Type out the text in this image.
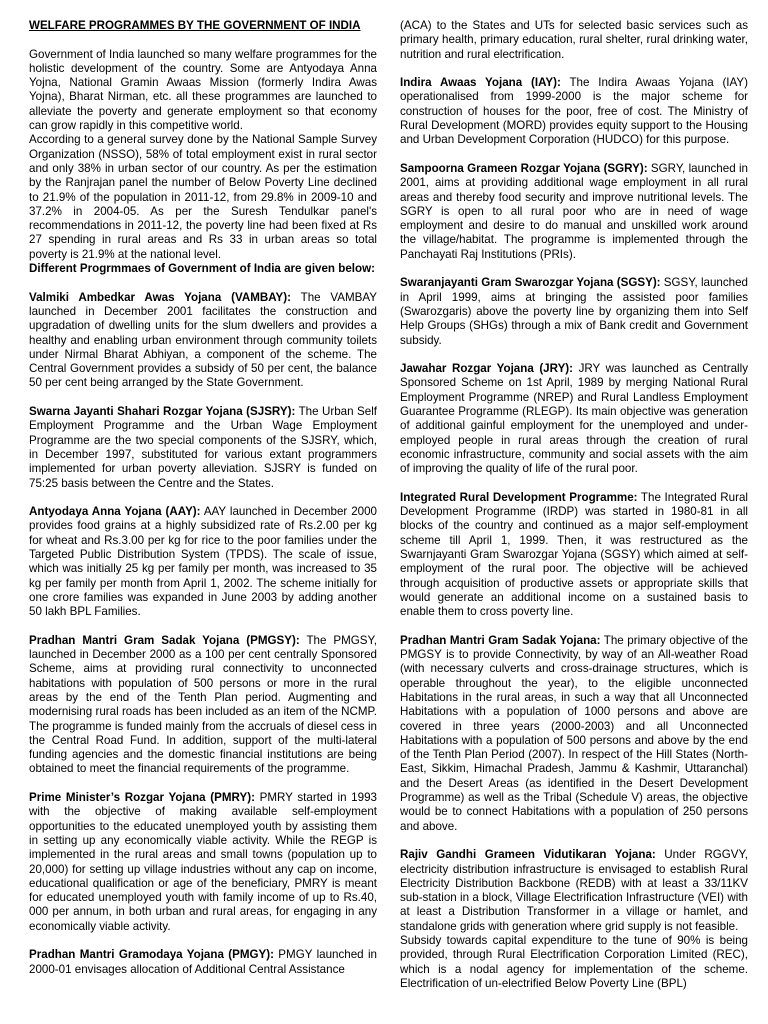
WELFARE PROGRAMMES BY THE GOVERNMENT OF INDIA

Government of India launched so many welfare programmes for the holistic development of the country. Some are Antyodaya Anna Yojna, National Gramin Awaas Mission (formerly Indira Awas Yojna), Bharat Nirman, etc. all these programmes are launched to alleviate the poverty and generate employment so that economy can grow rapidly in this competitive world.

According to a general survey done by the National Sample Survey Organization (NSSO), 58% of total employment exist in rural sector and only 38% in urban sector of our country. As per the estimation by the Ranjrajan panel the number of Below Poverty Line declined to 21.9% of the population in 2011-12, from 29.8% in 2009-10 and 37.2% in 2004-05. As per the Suresh Tendulkar panel's recommendations in 2011-12, the poverty line had been fixed at Rs 27 spending in rural areas and Rs 33 in urban areas so total poverty is 21.9% at the national level.

Different Progrmmaes of Government of India are given below:

Valmiki Ambedkar Awas Yojana (VAMBAY): The VAMBAY launched in December 2001 facilitates the construction and upgradation of dwelling units for the slum dwellers and provides a healthy and enabling urban environment through community toilets under Nirmal Bharat Abhiyan, a component of the scheme. The Central Government provides a subsidy of 50 per cent, the balance 50 per cent being arranged by the State Government.

Swarna Jayanti Shahari Rozgar Yojana (SJSRY): The Urban Self Employment Programme and the Urban Wage Employment Programme are the two special components of the SJSRY, which, in December 1997, substituted for various extant programmers implemented for urban poverty alleviation. SJSRY is funded on 75:25 basis between the Centre and the States.

Antyodaya Anna Yojana (AAY): AAY launched in December 2000 provides food grains at a highly subsidized rate of Rs.2.00 per kg for wheat and Rs.3.00 per kg for rice to the poor families under the Targeted Public Distribution System (TPDS). The scale of issue, which was initially 25 kg per family per month, was increased to 35 kg per family per month from April 1, 2002. The scheme initially for one crore families was expanded in June 2003 by adding another 50 lakh BPL Families.

Pradhan Mantri Gram Sadak Yojana (PMGSY): The PMGSY, launched in December 2000 as a 100 per cent centrally Sponsored Scheme, aims at providing rural connectivity to unconnected habitations with population of 500 persons or more in the rural areas by the end of the Tenth Plan period. Augmenting and modernising rural roads has been included as an item of the NCMP. The programme is funded mainly from the accruals of diesel cess in the Central Road Fund. In addition, support of the multi-lateral funding agencies and the domestic financial institutions are being obtained to meet the financial requirements of the programme.

Prime Minister’s Rozgar Yojana (PMRY): PMRY started in 1993 with the objective of making available self-employment opportunities to the educated unemployed youth by assisting them in setting up any economically viable activity. While the REGP is implemented in the rural areas and small towns (population up to 20,000) for setting up village industries without any cap on income, educational qualification or age of the beneficiary, PMRY is meant for educated unemployed youth with family income of up to Rs.40, 000 per annum, in both urban and rural areas, for engaging in any economically viable activity.

Pradhan Mantri Gramodaya Yojana (PMGY): PMGY launched in 2000-01 envisages allocation of Additional Central Assistance

(ACA) to the States and UTs for selected basic services such as primary health, primary education, rural shelter, rural drinking water, nutrition and rural electrification.

Indira Awaas Yojana (IAY): The Indira Awaas Yojana (IAY) operationalised from 1999-2000 is the major scheme for construction of houses for the poor, free of cost. The Ministry of Rural Development (MORD) provides equity support to the Housing and Urban Development Corporation (HUDCO) for this purpose.

Sampoorna Grameen Rozgar Yojana (SGRY): SGRY, launched in 2001, aims at providing additional wage employment in all rural areas and thereby food security and improve nutritional levels. The SGRY is open to all rural poor who are in need of wage employment and desire to do manual and unskilled work around the village/habitat. The programme is implemented through the Panchayati Raj Institutions (PRIs).

Swaranjayanti Gram Swarozgar Yojana (SGSY): SGSY, launched in April 1999, aims at bringing the assisted poor families (Swarozgaris) above the poverty line by organizing them into Self Help Groups (SHGs) through a mix of Bank credit and Government subsidy.

Jawahar Rozgar Yojana (JRY): JRY was launched as Centrally Sponsored Scheme on 1st April, 1989 by merging National Rural Employment Programme (NREP) and Rural Landless Employment Guarantee Programme (RLEGP). Its main objective was generation of additional gainful employment for the unemployed and under-employed people in rural areas through the creation of rural economic infrastructure, community and social assets with the aim of improving the quality of life of the rural poor.

Integrated Rural Development Programme: The Integrated Rural Development Programme (IRDP) was started in 1980-81 in all blocks of the country and continued as a major self-employment scheme till April 1, 1999. Then, it was restructured as the Swarnjayanti Gram Swarozgar Yojana (SGSY) which aimed at self-employment of the rural poor. The objective will be achieved through acquisition of productive assets or appropriate skills that would generate an additional income on a sustained basis to enable them to cross poverty line.

Pradhan Mantri Gram Sadak Yojana: The primary objective of the PMGSY is to provide Connectivity, by way of an All-weather Road (with necessary culverts and cross-drainage structures, which is operable throughout the year), to the eligible unconnected Habitations in the rural areas, in such a way that all Unconnected Habitations with a population of 1000 persons and above are covered in three years (2000-2003) and all Unconnected Habitations with a population of 500 persons and above by the end of the Tenth Plan Period (2007). In respect of the Hill States (North-East, Sikkim, Himachal Pradesh, Jammu & Kashmir, Uttaranchal) and the Desert Areas (as identified in the Desert Development Programme) as well as the Tribal (Schedule V) areas, the objective would be to connect Habitations with a population of 250 persons and above.

Rajiv Gandhi Grameen Vidutikaran Yojana: Under RGGVY, electricity distribution infrastructure is envisaged to establish Rural Electricity Distribution Backbone (REDB) with at least a 33/11KV sub-station in a block, Village Electrification Infrastructure (VEI) with at least a Distribution Transformer in a village or hamlet, and standalone grids with generation where grid supply is not feasible.

Subsidy towards capital expenditure to the tune of 90% is being provided, through Rural Electrification Corporation Limited (REC), which is a nodal agency for implementation of the scheme. Electrification of un-electrified Below Poverty Line (BPL)
